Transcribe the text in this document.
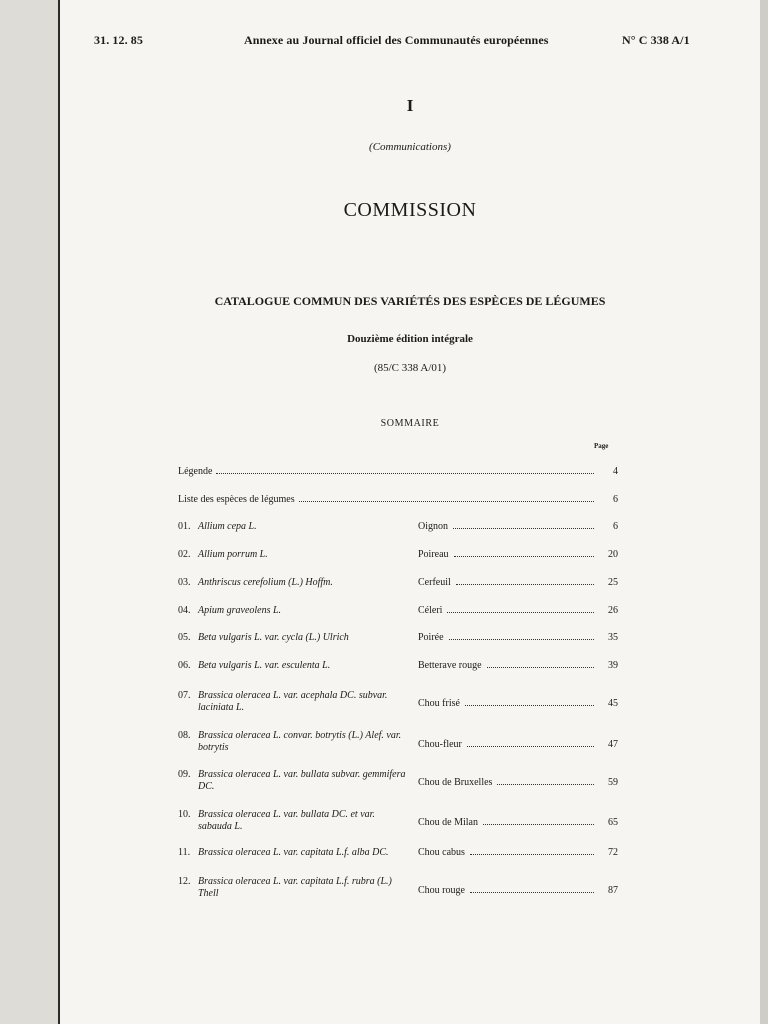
31. 12. 85	Annexe au Journal officiel des Communautés européennes	N° C 338 A/1
I
(Communications)
COMMISSION
CATALOGUE COMMUN DES VARIÉTÉS DES ESPÈCES DE LÉGUMES
Douzième édition intégrale
(85/C 338 A/01)
SOMMAIRE
Page
Légende	4
Liste des espèces de légumes	6
01. Allium cepa L.	Oignon	6
02. Allium porrum L.	Poireau	20
03. Anthriscus cerefolium (L.) Hoffm.	Cerfeuil	25
04. Apium graveolens L.	Céleri	26
05. Beta vulgaris L. var. cycla (L.) Ulrich	Poirée	35
06. Beta vulgaris L. var. esculenta L.	Betterave rouge	39
07. Brassica oleracea L. var. acephala DC. subvar. laciniata L.	Chou frisé	45
08. Brassica oleracea L. convar. botrytis (L.) Alef. var. botrytis	Chou-fleur	47
09. Brassica oleracea L. var. bullata subvar. gemmifera DC.	Chou de Bruxelles	59
10. Brassica oleracea L. var. bullata DC. et var. sabauda L.	Chou de Milan	65
11. Brassica oleracea L. var. capitata L.f. alba DC.	Chou cabus	72
12. Brassica oleracea L. var. capitata L.f. rubra (L.) Thell	Chou rouge	87
